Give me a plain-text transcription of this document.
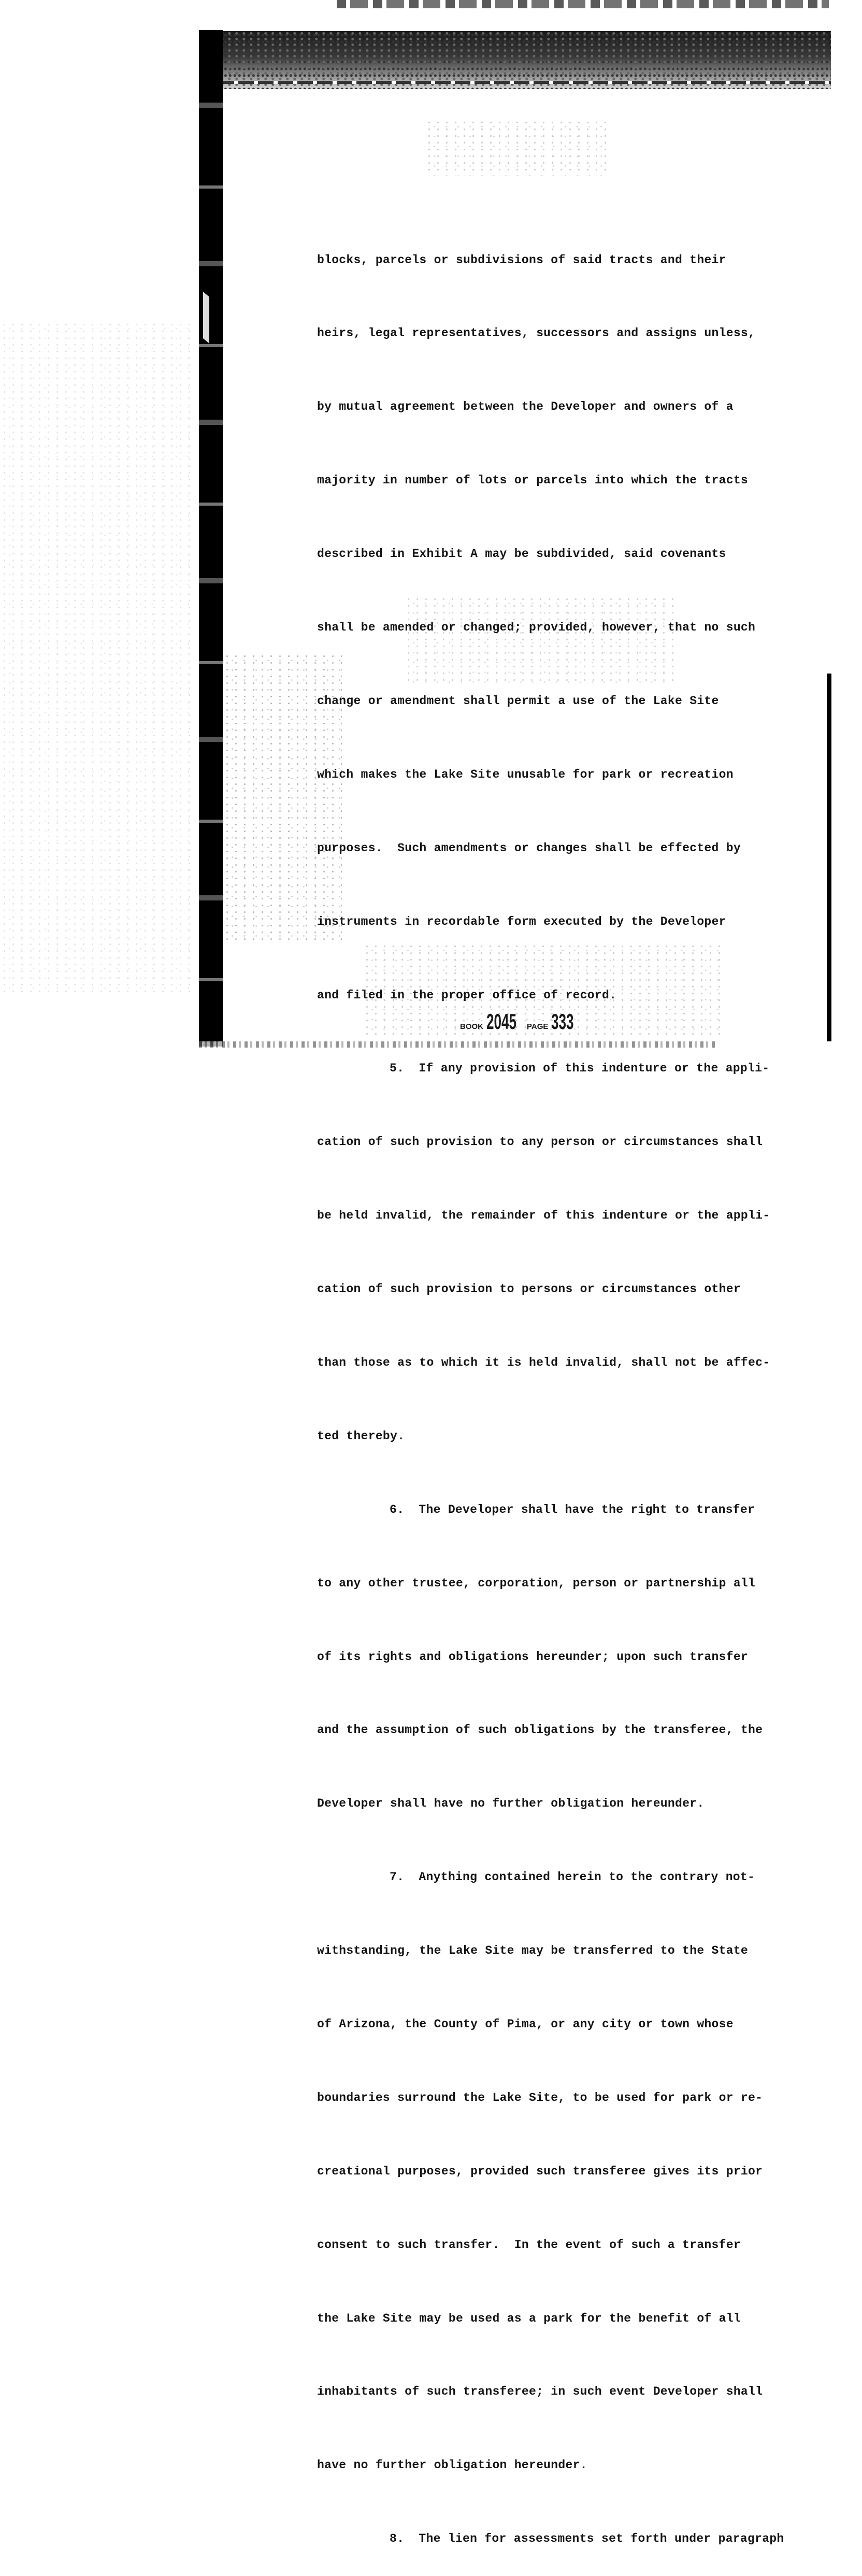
blocks, parcels or subdivisions of said tracts and their

heirs, legal representatives, successors and assigns unless,

by mutual agreement between the Developer and owners of a

majority in number of lots or parcels into which the tracts

described in Exhibit A may be subdivided, said covenants

shall be amended or changed; provided, however, that no such

change or amendment shall permit a use of the Lake Site

which makes the Lake Site unusable for park or recreation

purposes.  Such amendments or changes shall be effected by

instruments in recordable form executed by the Developer

and filed in the proper office of record.

5.  If any provision of this indenture or the appli-

cation of such provision to any person or circumstances shall

be held invalid, the remainder of this indenture or the appli-

cation of such provision to persons or circumstances other

than those as to which it is held invalid, shall not be affec-

ted thereby.

6.  The Developer shall have the right to transfer

to any other trustee, corporation, person or partnership all

of its rights and obligations hereunder; upon such transfer

and the assumption of such obligations by the transferee, the

Developer shall have no further obligation hereunder.

7.  Anything contained herein to the contrary not-

withstanding, the Lake Site may be transferred to the State

of Arizona, the County of Pima, or any city or town whose

boundaries surround the Lake Site, to be used for park or re-

creational purposes, provided such transferee gives its prior

consent to such transfer.  In the event of such a transfer

the Lake Site may be used as a park for the benefit of all

inhabitants of such transferee; in such event Developer shall

have no further obligation hereunder.

8.  The lien for assessments set forth under paragraph

BOOK 2045 PAGE 333
